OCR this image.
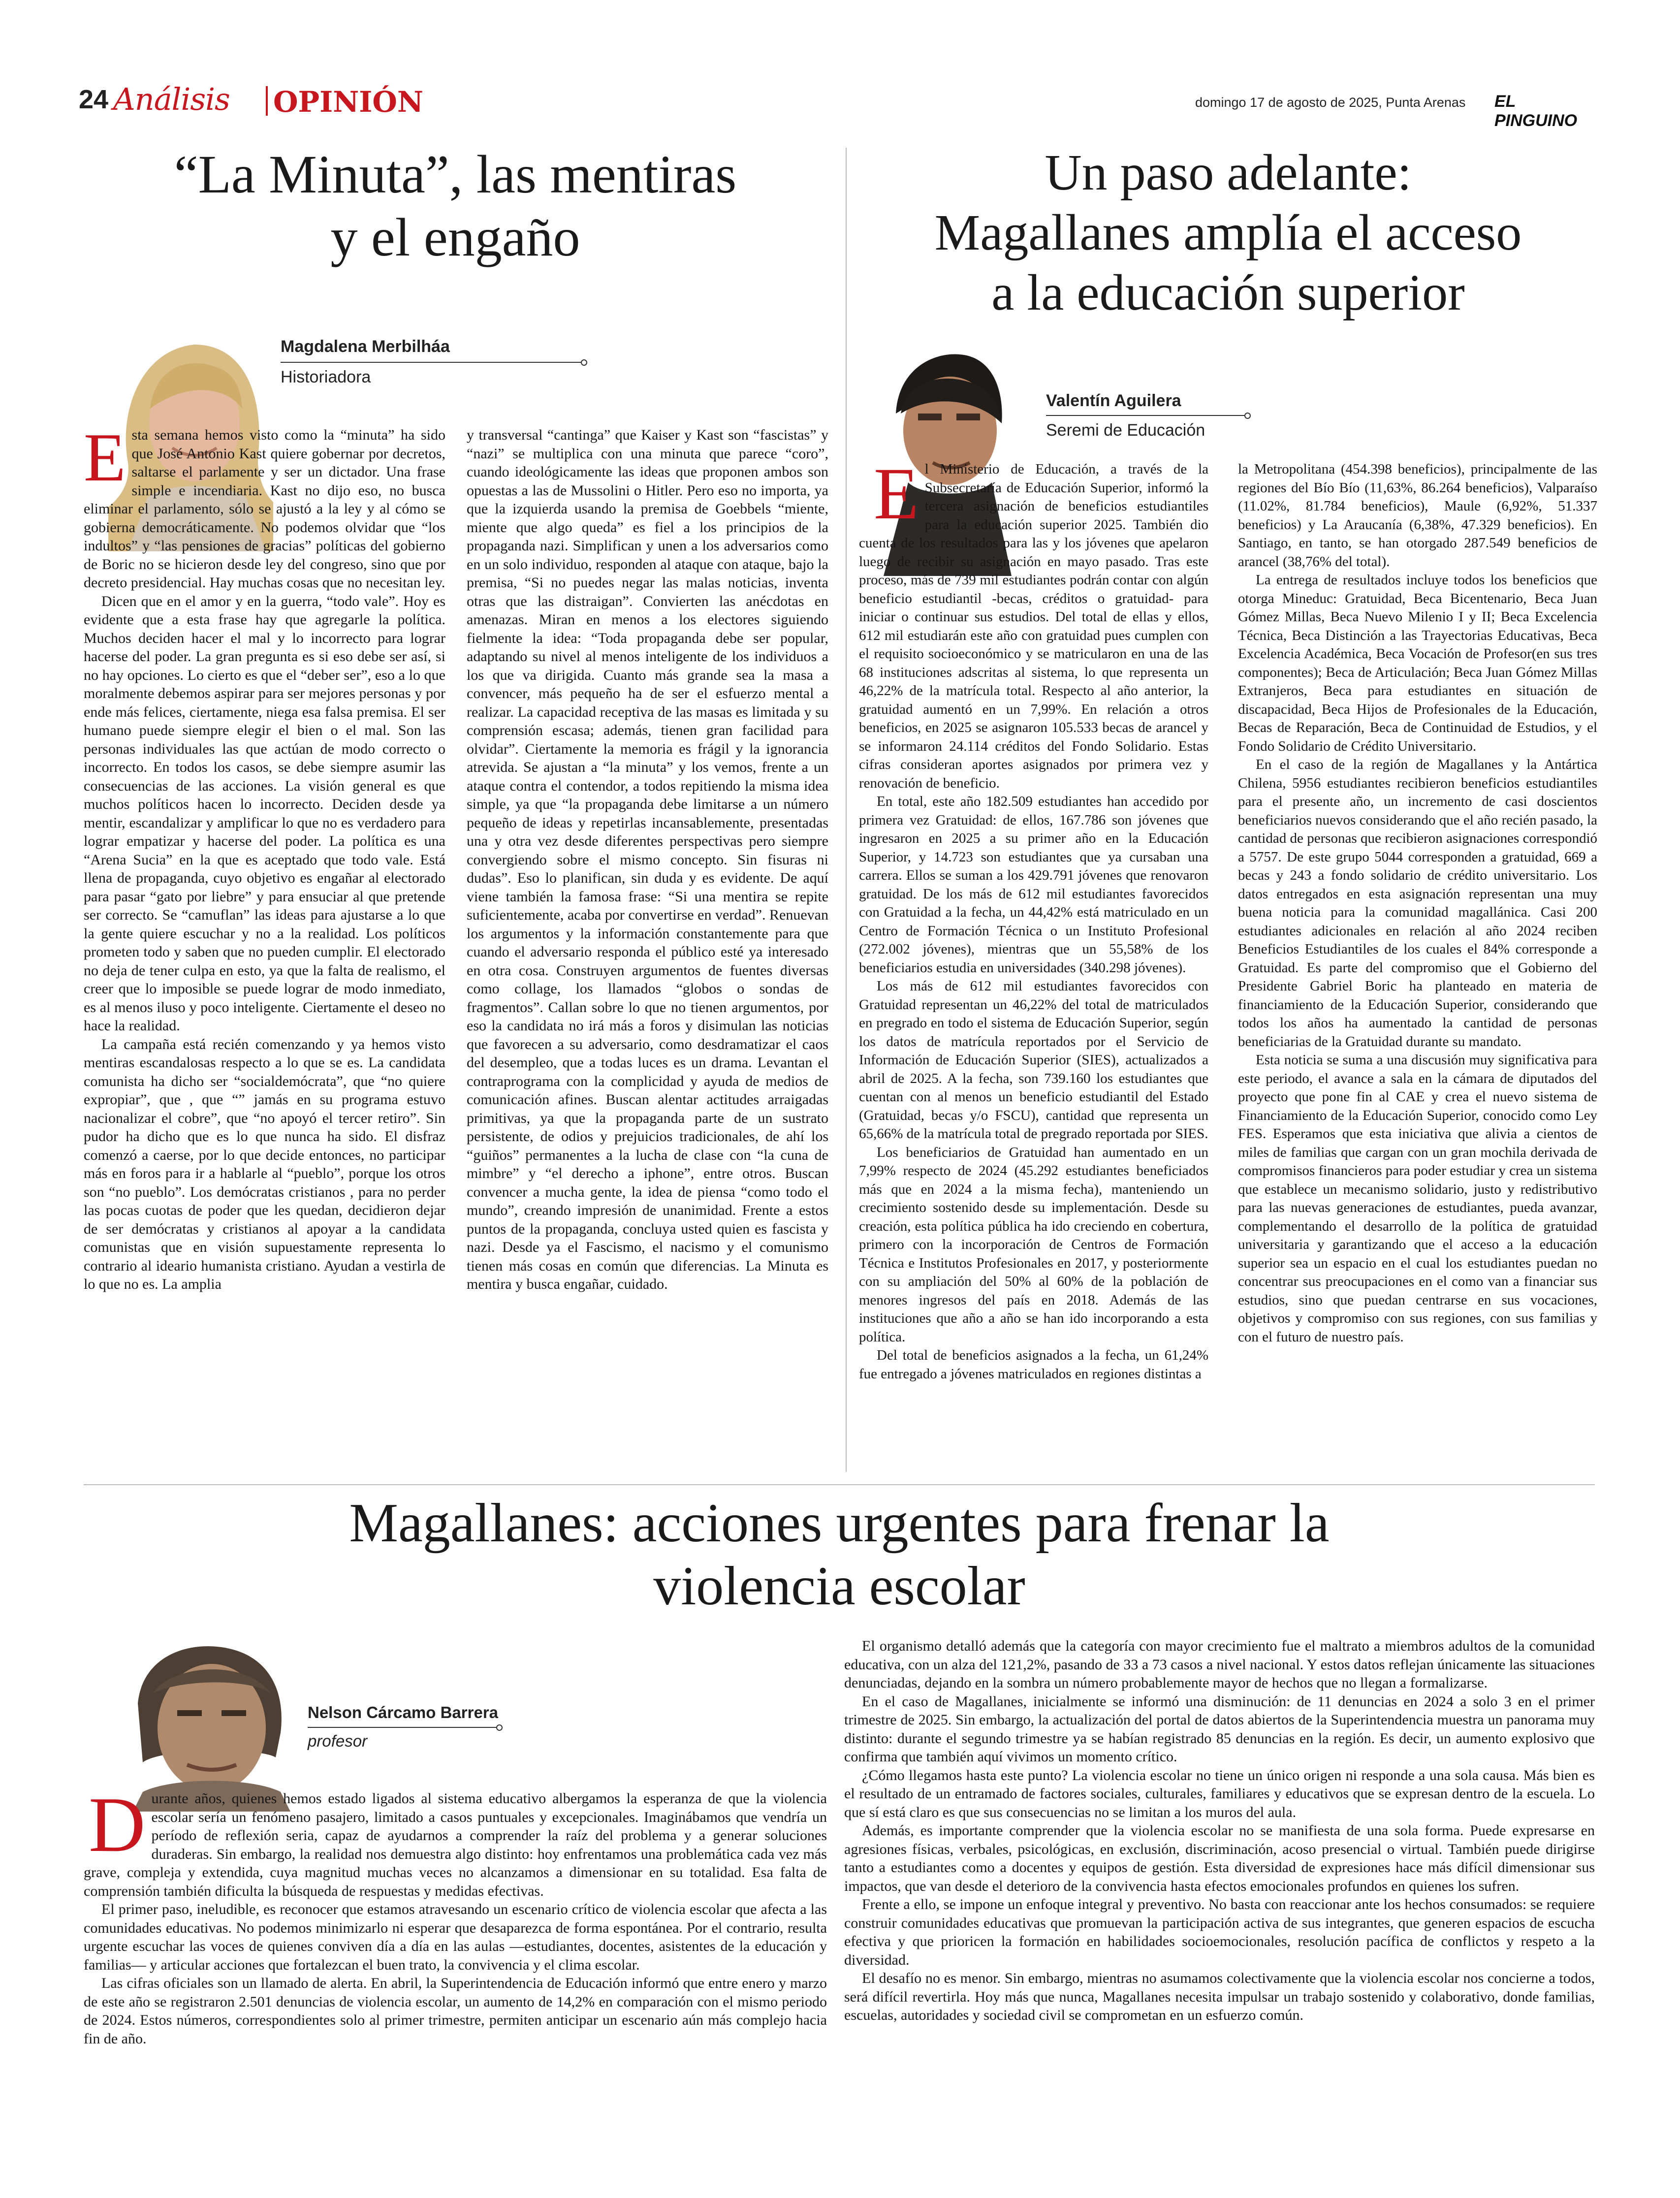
24 Análisis OPINIÓN	domingo 17 de agosto de 2025, Punta Arenas EL PINGUINO
“La Minuta”, las mentiras
y el engaño
Magdalena Merbilháa
Historiadora
E sta semana hemos visto como la “minuta” ha sido que José Antonio Kast quiere gobernar por decretos, saltarse el parlamente y ser un dictador. Una frase simple e incendiaria. Kast no dijo eso, no busca eliminar el parlamento, sólo se ajustó a la ley y al cómo se gobierna democráticamente. No podemos olvidar que “los indultos” y “las pensiones de gracias” políticas del gobierno de Boric no se hicieron desde ley del congreso, sino que por decreto presidencial. Hay muchas cosas que no necesitan ley.

Dicen que en el amor y en la guerra, “todo vale”. Hoy es evidente que a esta frase hay que agregarle la política. Muchos deciden hacer el mal y lo incorrecto para lograr hacerse del poder. La gran pregunta es si eso debe ser así, si no hay opciones. Lo cierto es que el “deber ser”, eso a lo que moralmente debemos aspirar para ser mejores personas y por ende más felices, ciertamente, niega esa falsa premisa. El ser humano puede siempre elegir el bien o el mal. Son las personas individuales las que actúan de modo correcto o incorrecto. En todos los casos, se debe siempre asumir las consecuencias de las acciones. La visión general es que muchos políticos hacen lo incorrecto. Deciden desde ya mentir, escandalizar y amplificar lo que no es verdadero para lograr empatizar y hacerse del poder. La política es una “Arena Sucia” en la que es aceptado que todo vale. Está llena de propaganda, cuyo objetivo es engañar al electorado para pasar “gato por liebre” y para ensuciar al que pretende ser correcto. Se “camuflan” las ideas para ajustarse a lo que la gente quiere escuchar y no a la realidad. Los políticos prometen todo y saben que no pueden cumplir. El electorado no deja de tener culpa en esto, ya que la falta de realismo, el creer que lo imposible se puede lograr de modo inmediato, es al menos iluso y poco inteligente. Ciertamente el deseo no hace la realidad.

La campaña está recién comenzando y ya hemos visto mentiras escandalosas respecto a lo que se es. La candidata comunista ha dicho ser “socialdemócrata”, que “no quiere expropiar”, que , que “” jamás en su programa estuvo nacionalizar el cobre”, que “no apoyó el tercer retiro”. Sin pudor ha dicho que es lo que nunca ha sido. El disfraz comenzó a caerse, por lo que decide entonces, no participar más en foros para ir a hablarle al “pueblo”, porque los otros son “no pueblo”. Los demócratas cristianos , para no perder las pocas cuotas de poder que les quedan, decidieron dejar de ser demócratas y cristianos al apoyar a la candidata comunistas que en visión supuestamente representa lo contrario al ideario humanista cristiano. Ayudan a vestirla de lo que no es. La amplia

y transversal “cantinga” que Kaiser y Kast son “fascistas” y “nazi” se multiplica con una minuta que parece “coro”, cuando ideológicamente las ideas que proponen ambos son opuestas a las de Mussolini o Hitler. Pero eso no importa, ya que la izquierda usando la premisa de Goebbels “miente, miente que algo queda” es fiel a los principios de la propaganda nazi. Simplifican y unen a los adversarios como en un solo individuo, responden al ataque con ataque, bajo la premisa, “Si no puedes negar las malas noticias, inventa otras que las distraigan”. Convierten las anécdotas en amenazas. Miran en menos a los electores siguiendo fielmente la idea: “Toda propaganda debe ser popular, adaptando su nivel al menos inteligente de los individuos a los que va dirigida. Cuanto más grande sea la masa a convencer, más pequeño ha de ser el esfuerzo mental a realizar. La capacidad receptiva de las masas es limitada y su comprensión escasa; además, tienen gran facilidad para olvidar”. Ciertamente la memoria es frágil y la ignorancia atrevida. Se ajustan a “la minuta” y los vemos, frente a un ataque contra el contendor, a todos repitiendo la misma idea simple, ya que “la propaganda debe limitarse a un número pequeño de ideas y repetirlas incansablemente, presentadas una y otra vez desde diferentes perspectivas pero siempre convergiendo sobre el mismo concepto. Sin fisuras ni dudas”. Eso lo planifican, sin duda y es evidente. De aquí viene también la famosa frase: “Si una mentira se repite suficientemente, acaba por convertirse en verdad”. Renuevan los argumentos y la información constantemente para que cuando el adversario responda el público esté ya interesado en otra cosa. Construyen argumentos de fuentes diversas como collage, los llamados “globos o sondas de fragmentos”. Callan sobre lo que no tienen argumentos, por eso la candidata no irá más a foros y disimulan las noticias que favorecen a su adversario, como desdramatizar el caos del desempleo, que a todas luces es un drama. Levantan el contraprograma con la complicidad y ayuda de medios de comunicación afines. Buscan alentar actitudes arraigadas primitivas, ya que la propaganda parte de un sustrato persistente, de odios y prejuicios tradicionales, de ahí los “guiños” permanentes a la lucha de clase con “la cuna de mimbre” y “el derecho a iphone”, entre otros. Buscan convencer a mucha gente, la idea de piensa “como todo el mundo”, creando impresión de unanimidad. Frente a estos puntos de la propaganda, concluya usted quien es fascista y nazi. Desde ya el Fascismo, el nacismo y el comunismo tienen más cosas en común que diferencias. La Minuta es mentira y busca engañar, cuidado.

Un paso adelante:
Magallanes amplía el acceso
a la educación superior
Valentín Aguilera
Seremi de Educación
E l Ministerio de Educación, a través de la Subsecretaría de Educación Superior, informó la tercera asignación de beneficios estudiantiles para la educación superior 2025. También dio cuenta de los resultados para las y los jóvenes que apelaron luego de recibir su asignación en mayo pasado. Tras este proceso, más de 739 mil estudiantes podrán contar con algún beneficio estudiantil -becas, créditos o gratuidad- para iniciar o continuar sus estudios. Del total de ellas y ellos, 612 mil estudiarán este año con gratuidad pues cumplen con el requisito socioeconómico y se matricularon en una de las 68 instituciones adscritas al sistema, lo que representa un 46,22% de la matrícula total. Respecto al año anterior, la gratuidad aumentó en un 7,99%. En relación a otros beneficios, en 2025 se asignaron 105.533 becas de arancel y se informaron 24.114 créditos del Fondo Solidario. Estas cifras consideran aportes asignados por primera vez y renovación de beneficio.

En total, este año 182.509 estudiantes han accedido por primera vez Gratuidad: de ellos, 167.786 son jóvenes que ingresaron en 2025 a su primer año en la Educación Superior, y 14.723 son estudiantes que ya cursaban una carrera. Ellos se suman a los 429.791 jóvenes que renovaron gratuidad. De los más de 612 mil estudiantes favorecidos con Gratuidad a la fecha, un 44,42% está matriculado en un Centro de Formación Técnica o un Instituto Profesional (272.002 jóvenes), mientras que un 55,58% de los beneficiarios estudia en universidades (340.298 jóvenes).

Los más de 612 mil estudiantes favorecidos con Gratuidad representan un 46,22% del total de matriculados en pregrado en todo el sistema de Educación Superior, según los datos de matrícula reportados por el Servicio de Información de Educación Superior (SIES), actualizados a abril de 2025. A la fecha, son 739.160 los estudiantes que cuentan con al menos un beneficio estudiantil del Estado (Gratuidad, becas y/o FSCU), cantidad que representa un 65,66% de la matrícula total de pregrado reportada por SIES.

Los beneficiarios de Gratuidad han aumentado en un 7,99% respecto de 2024 (45.292 estudiantes beneficiados más que en 2024 a la misma fecha), manteniendo un crecimiento sostenido desde su implementación. Desde su creación, esta política pública ha ido creciendo en cobertura, primero con la incorporación de Centros de Formación Técnica e Institutos Profesionales en 2017, y posteriormente con su ampliación del 50% al 60% de la población de menores ingresos del país en 2018. Además de las instituciones que año a año se han ido incorporando a esta política.

Del total de beneficios asignados a la fecha, un 61,24% fue entregado a jóvenes matriculados en regiones distintas a

la Metropolitana (454.398 beneficios), principalmente de las regiones del Bío Bío (11,63%, 86.264 beneficios), Valparaíso (11.02%, 81.784 beneficios), Maule (6,92%, 51.337 beneficios) y La Araucanía (6,38%, 47.329 beneficios). En Santiago, en tanto, se han otorgado 287.549 beneficios de arancel (38,76% del total).

La entrega de resultados incluye todos los beneficios que otorga Mineduc: Gratuidad, Beca Bicentenario, Beca Juan Gómez Millas, Beca Nuevo Milenio I y II; Beca Excelencia Técnica, Beca Distinción a las Trayectorias Educativas, Beca Excelencia Académica, Beca Vocación de Profesor(en sus tres componentes); Beca de Articulación; Beca Juan Gómez Millas Extranjeros, Beca para estudiantes en situación de discapacidad, Beca Hijos de Profesionales de la Educación, Becas de Reparación, Beca de Continuidad de Estudios, y el Fondo Solidario de Crédito Universitario.

En el caso de la región de Magallanes y la Antártica Chilena, 5956 estudiantes recibieron beneficios estudiantiles para el presente año, un incremento de casi doscientos beneficiarios nuevos considerando que el año recién pasado, la cantidad de personas que recibieron asignaciones correspondió a 5757. De este grupo 5044 corresponden a gratuidad, 669 a becas y 243 a fondo solidario de crédito universitario. Los datos entregados en esta asignación representan una muy buena noticia para la comunidad magallánica. Casi 200 estudiantes adicionales en relación al año 2024 reciben Beneficios Estudiantiles de los cuales el 84% corresponde a Gratuidad. Es parte del compromiso que el Gobierno del Presidente Gabriel Boric ha planteado en materia de financiamiento de la Educación Superior, considerando que todos los años ha aumentado la cantidad de personas beneficiarias de la Gratuidad durante su mandato.

Esta noticia se suma a una discusión muy significativa para este periodo, el avance a sala en la cámara de diputados del proyecto que pone fin al CAE y crea el nuevo sistema de Financiamiento de la Educación Superior, conocido como Ley FES. Esperamos que esta iniciativa que alivia a cientos de miles de familias que cargan con un gran mochila derivada de compromisos financieros para poder estudiar y crea un sistema que establece un mecanismo solidario, justo y redistributivo para las nuevas generaciones de estudiantes, pueda avanzar, complementando el desarrollo de la política de gratuidad universitaria y garantizando que el acceso a la educación superior sea un espacio en el cual los estudiantes puedan no concentrar sus preocupaciones en el como van a financiar sus estudios, sino que puedan centrarse en sus vocaciones, objetivos y compromiso con sus regiones, con sus familias y con el futuro de nuestro país.

Magallanes: acciones urgentes para frenar la
violencia escolar
Nelson Cárcamo Barrera
profesor
D urante años, quienes hemos estado ligados al sistema educativo albergamos la esperanza de que la violencia escolar sería un fenómeno pasajero, limitado a casos puntuales y excepcionales. Imaginábamos que vendría un período de reflexión seria, capaz de ayudarnos a comprender la raíz del problema y a generar soluciones duraderas. Sin embargo, la realidad nos demuestra algo distinto: hoy enfrentamos una problemática cada vez más grave, compleja y extendida, cuya magnitud muchas veces no alcanzamos a dimensionar en su totalidad. Esa falta de comprensión también dificulta la búsqueda de respuestas y medidas efectivas.

El primer paso, ineludible, es reconocer que estamos atravesando un escenario crítico de violencia escolar que afecta a las comunidades educativas. No podemos minimizarlo ni esperar que desaparezca de forma espontánea. Por el contrario, resulta urgente escuchar las voces de quienes conviven día a día en las aulas —estudiantes, docentes, asistentes de la educación y familias— y articular acciones que fortalezcan el buen trato, la convivencia y el clima escolar.

Las cifras oficiales son un llamado de alerta. En abril, la Superintendencia de Educación informó que entre enero y marzo de este año se registraron 2.501 denuncias de violencia escolar, un aumento de 14,2% en comparación con el mismo periodo de 2024. Estos números, correspondientes solo al primer trimestre, permiten anticipar un escenario aún más complejo hacia fin de año.

El organismo detalló además que la categoría con mayor crecimiento fue el maltrato a miembros adultos de la comunidad educativa, con un alza del 121,2%, pasando de 33 a 73 casos a nivel nacional. Y estos datos reflejan únicamente las situaciones denunciadas, dejando en la sombra un número probablemente mayor de hechos que no llegan a formalizarse.

En el caso de Magallanes, inicialmente se informó una disminución: de 11 denuncias en 2024 a solo 3 en el primer trimestre de 2025. Sin embargo, la actualización del portal de datos abiertos de la Superintendencia muestra un panorama muy distinto: durante el segundo trimestre ya se habían registrado 85 denuncias en la región. Es decir, un aumento explosivo que confirma que también aquí vivimos un momento crítico.

¿Cómo llegamos hasta este punto? La violencia escolar no tiene un único origen ni responde a una sola causa. Más bien es el resultado de un entramado de factores sociales, culturales, familiares y educativos que se expresan dentro de la escuela. Lo que sí está claro es que sus consecuencias no se limitan a los muros del aula.

Además, es importante comprender que la violencia escolar no se manifiesta de una sola forma. Puede expresarse en agresiones físicas, verbales, psicológicas, en exclusión, discriminación, acoso presencial o virtual. También puede dirigirse tanto a estudiantes como a docentes y equipos de gestión. Esta diversidad de expresiones hace más difícil dimensionar sus impactos, que van desde el deterioro de la convivencia hasta efectos emocionales profundos en quienes los sufren.

Frente a ello, se impone un enfoque integral y preventivo. No basta con reaccionar ante los hechos consumados: se requiere construir comunidades educativas que promuevan la participación activa de sus integrantes, que generen espacios de escucha efectiva y que prioricen la formación en habilidades socioemocionales, resolución pacífica de conflictos y respeto a la diversidad.

El desafío no es menor. Sin embargo, mientras no asumamos colectivamente que la violencia escolar nos concierne a todos, será difícil revertirla. Hoy más que nunca, Magallanes necesita impulsar un trabajo sostenido y colaborativo, donde familias, escuelas, autoridades y sociedad civil se comprometan en un esfuerzo común.
